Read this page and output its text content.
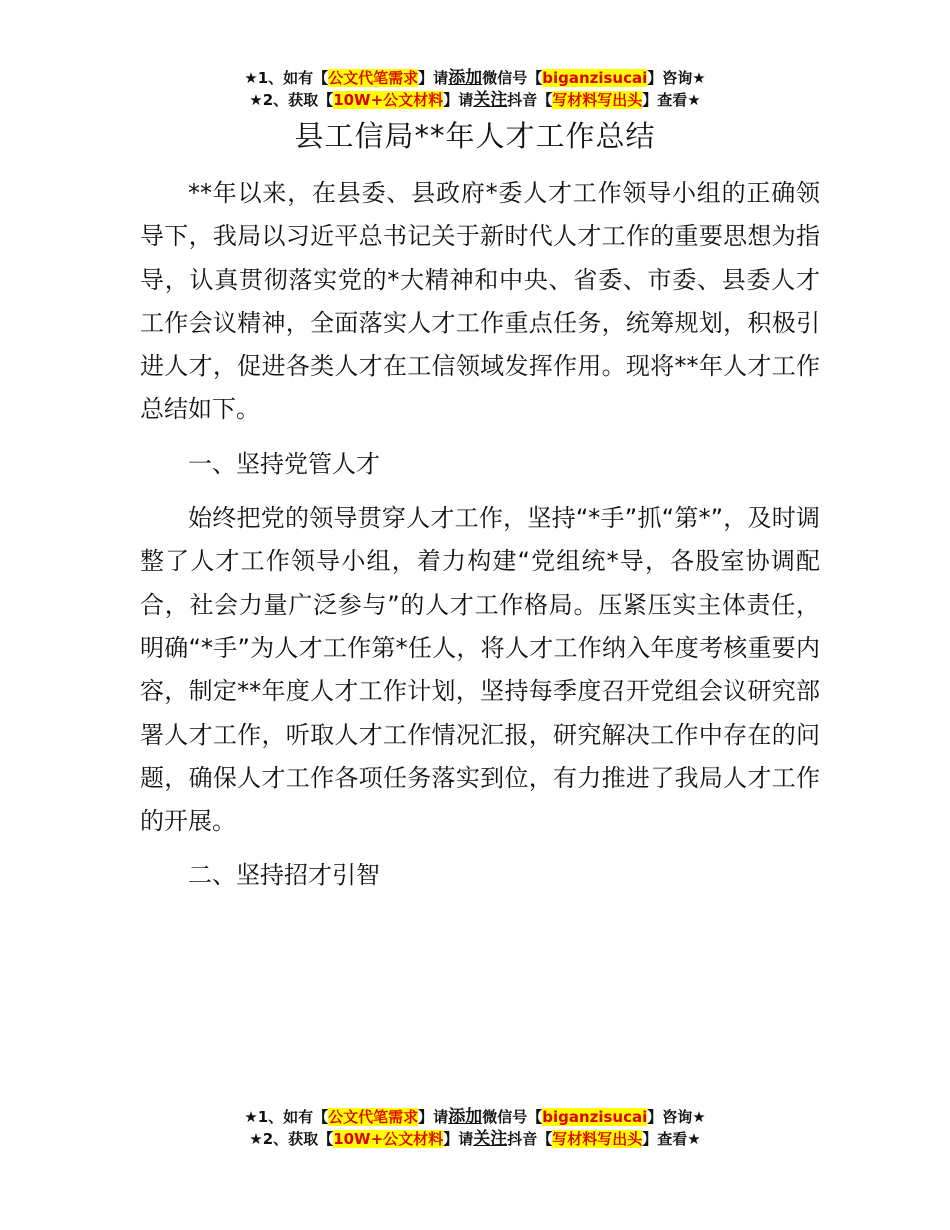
★1、如有【公文代笔需求】请添加微信号【biganzisucai】咨询★
★2、获取【10W+公文材料】请关注抖音【写材料写出头】查看★
县工信局**年人才工作总结

**年以来，在县委、县政府*委人才工作领导小组的正确领导下，我局以习近平总书记关于新时代人才工作的重要思想为指导，认真贯彻落实党的*大精神和中央、省委、市委、县委人才工作会议精神，全面落实人才工作重点任务，统筹规划，积极引进人才，促进各类人才在工信领域发挥作用。现将**年人才工作总结如下。

一、坚持党管人才

始终把党的领导贯穿人才工作，坚持“*手”抓“第*”，及时调整了人才工作领导小组，着力构建“党组统*导，各股室协调配合，社会力量广泛参与”的人才工作格局。压紧压实主体责任，明确“*手”为人才工作第*任人，将人才工作纳入年度考核重要内容，制定**年度人才工作计划，坚持每季度召开党组会议研究部署人才工作，听取人才工作情况汇报，研究解决工作中存在的问题，确保人才工作各项任务落实到位，有力推进了我局人才工作的开展。

二、坚持招才引智

★1、如有【公文代笔需求】请添加微信号【biganzisucai】咨询★
★2、获取【10W+公文材料】请关注抖音【写材料写出头】查看★
